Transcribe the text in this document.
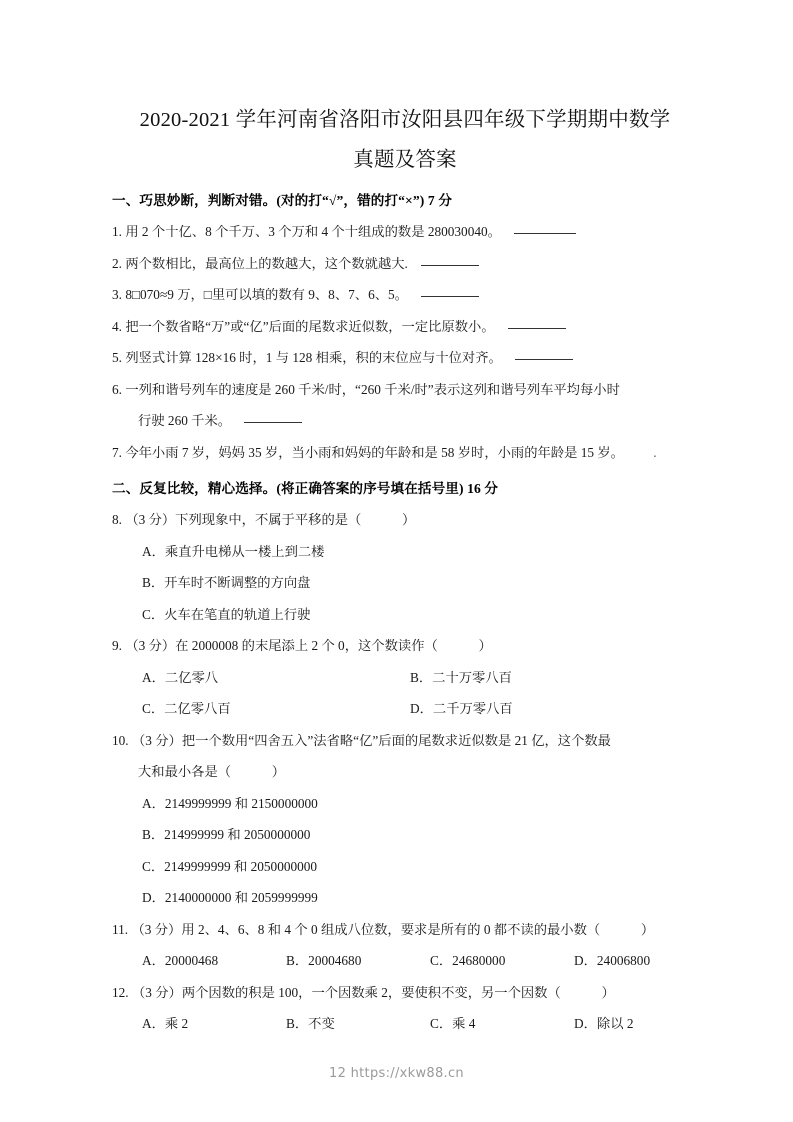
2020-2021 学年河南省洛阳市汝阳县四年级下学期期中数学
真题及答案
一、巧思妙断，判断对错。(对的打“√”，错的打“×”) 7 分
1. 用 2 个十亿、8 个千万、3 个万和 4 个十组成的数是 280030040。
2. 两个数相比，最高位上的数越大，这个数就越大.
3. 8□070≈9 万，□里可以填的数有 9、8、7、6、5。
4. 把一个数省略“万”或“亿”后面的尾数求近似数，一定比原数小。
5. 列竖式计算 128×16 时，1 与 128 相乘，积的末位应与十位对齐。
6. 一列和谐号列车的速度是 260 千米/时，“260 千米/时”表示这列和谐号列车平均每小时
行驶 260 千米。
7. 今年小雨 7 岁，妈妈 35 岁，当小雨和妈妈的年龄和是 58 岁时，小雨的年龄是 15 岁。 .
二、反复比较，精心选择。(将正确答案的序号填在括号里) 16 分
8. （3 分）下列现象中，不属于平移的是（	）
A．乘直升电梯从一楼上到二楼
B．开车时不断调整的方向盘
C．火车在笔直的轨道上行驶
9. （3 分）在 2000008 的末尾添上 2 个 0，这个数读作（	）
A．二亿零八	B．二十万零八百
C．二亿零八百	D．二千万零八百
10. （3 分）把一个数用“四舍五入”法省略“亿”后面的尾数求近似数是 21 亿，这个数最
大和最小各是（	）
A．2149999999 和 2150000000
B．214999999 和 2050000000
C．2149999999 和 2050000000
D．2140000000 和 2059999999
11. （3 分）用 2、4、6、8 和 4 个 0 组成八位数，要求是所有的 0 都不读的最小数（	）
A．20000468	B．20004680	C．24680000	D．24006800
12. （3 分）两个因数的积是 100，一个因数乘 2，要使积不变，另一个因数（	）
A．乘 2	B．不变	C．乘 4	D．除以 2
12 https://xkw88.cn
